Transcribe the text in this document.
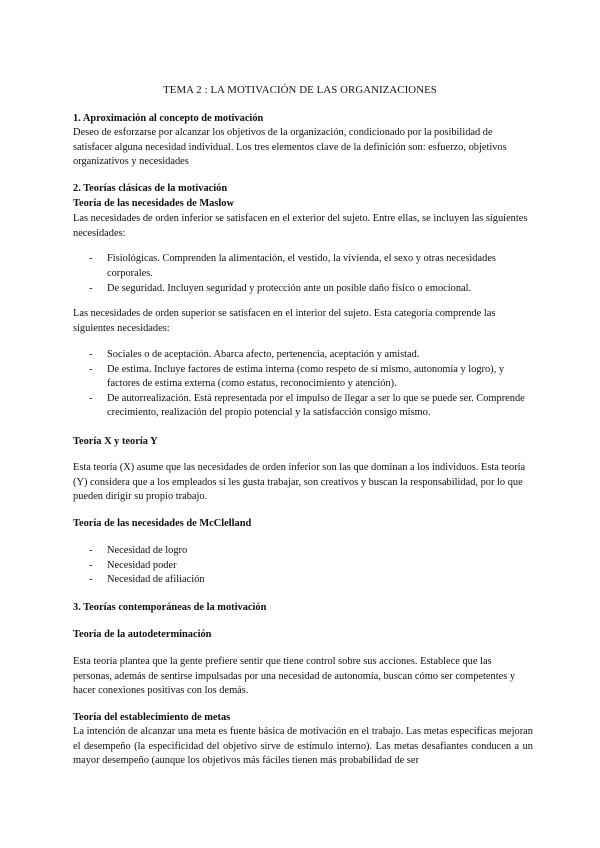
TEMA 2 : LA MOTIVACIÓN DE LAS ORGANIZACIONES
1. Aproximación al concepto de motivación
Deseo de esforzarse por alcanzar los objetivos de la organización, condicionado por la posibilidad de satisfacer alguna necesidad individual. Los tres elementos clave de la definición son: esfuerzo, objetivos organizativos y necesidades
2. Teorías clásicas de la motivación
Teoría de las necesidades de Maslow
Las necesidades de orden inferior se satisfacen en el exterior del sujeto. Entre ellas, se incluyen las siguientes necesidades:
- Fisiológicas. Comprenden la alimentación, el vestido, la vivienda, el sexo y otras necesidades corporales.
- De seguridad. Incluyen seguridad y protección ante un posible daño físico o emocional.
Las necesidades de orden superior se satisfacen en el interior del sujeto. Esta categoría comprende las siguientes necesidades:
- Sociales o de aceptación. Abarca afecto, pertenencia, aceptación y amistad.
- De estima. Incluye factores de estima interna (como respeto de sí mismo, autonomía y logro), y factores de estima externa (como estatus, reconocimiento y atención).
- De autorrealización. Está representada por el impulso de llegar a ser lo que se puede ser. Comprende crecimiento, realización del propio potencial y la satisfacción consigo mismo.
Teoría X y teoría Y
Esta teoría (X) asume que las necesidades de orden inferior son las que dominan a los individuos. Esta teoría (Y) considera que a los empleados sí les gusta trabajar, son creativos y buscan la responsabilidad, por lo que pueden dirigir su propio trabajo.
Teoría de las necesidades de McClelland
- Necesidad de logro
- Necesidad poder
- Necesidad de afiliación
3. Teorías contemporáneas de la motivación
Teoría de la autodeterminación
Esta teoría plantea que la gente prefiere sentir que tiene control sobre sus acciones. Establece que las personas, además de sentirse impulsadas por una necesidad de autonomía, buscan cómo ser competentes y hacer conexiones positivas con los demás.
Teoría del establecimiento de metas
La intención de alcanzar una meta es fuente básica de motivación en el trabajo. Las metas específicas mejoran el desempeño (la especificidad del objetivo sirve de estímulo interno). Las metas desafiantes conducen a un mayor desempeño (aunque los objetivos más fáciles tienen más probabilidad de ser
